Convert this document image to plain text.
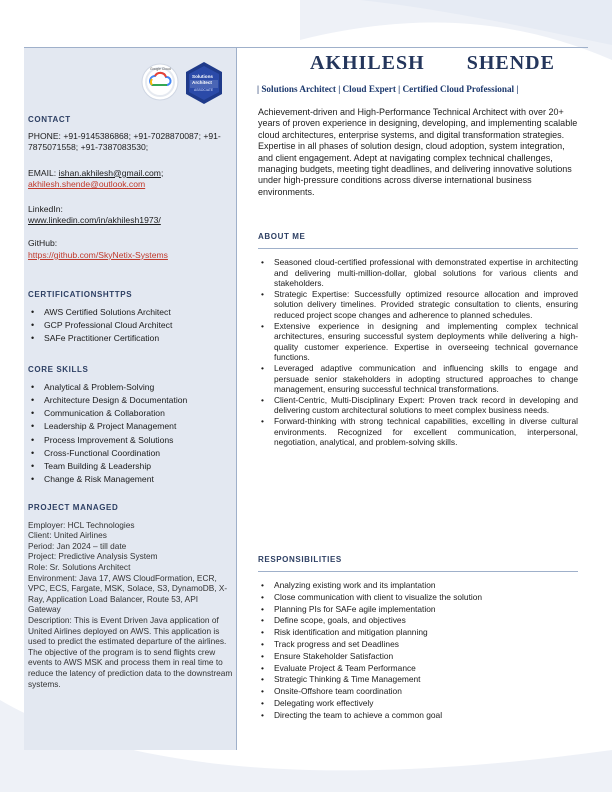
Solutions
Architect
ASSOCIATE
Google Cloud
CONTACT
PHONE: +91-9145386868; +91-7028870087; +91-7875071558; +91-7387083530;
EMAIL: ishan.akhilesh@gmail.com;
akhilesh.shende@outlook.com
LinkedIn:
www.linkedin.com/in/akhilesh1973/
GitHub:
https://github.com/SkyNetix-Systems
CERTIFICATIONSHTTPS
• AWS Certified Solutions Architect
• GCP Professional Cloud Architect
• SAFe Practitioner Certification
CORE SKILLS
• Analytical & Problem-Solving
• Architecture Design & Documentation
• Communication & Collaboration
• Leadership & Project Management
• Process Improvement & Solutions
• Cross-Functional Coordination
• Team Building & Leadership
• Change & Risk Management
PROJECT MANAGED
Employer: HCL Technologies
Client: United Airlines
Period: Jan 2024 – till date
Project: Predictive Analysis System
Role: Sr. Solutions Architect
Environment: Java 17, AWS CloudFormation, ECR, VPC, ECS, Fargate, MSK, Solace, S3, DynamoDB, X-Ray, Application Load Balancer, Route 53, API Gateway
Description: This is Event Driven Java application of United Airlines deployed on AWS. This application is used to predict the estimated departure of the airlines. The objective of the program is to send flights crew events to AWS MSK and process them in real time to reduce the latency of prediction data to the downstream systems.
AKHILESH   SHENDE
| Solutions Architect | Cloud Expert | Certified Cloud Professional |
Achievement-driven and High-Performance Technical Architect with over 20+ years of proven experience in designing, developing, and implementing scalable cloud architectures, enterprise systems, and digital transformation strategies. Expertise in all phases of solution design, cloud adoption, system integration, and client engagement. Adept at navigating complex technical challenges, managing budgets, meeting tight deadlines, and delivering innovative solutions under high-pressure conditions across diverse international business environments.
ABOUT ME
• Seasoned cloud-certified professional with demonstrated expertise in architecting and delivering multi-million-dollar, global solutions for various clients and stakeholders.
• Strategic Expertise: Successfully optimized resource allocation and improved solution delivery timelines. Provided strategic consultation to clients, ensuring reduced project scope changes and adherence to planned schedules.
• Extensive experience in designing and implementing complex technical architectures, ensuring successful system deployments while delivering a high-quality customer experience. Expertise in overseeing technical governance functions.
• Leveraged adaptive communication and influencing skills to engage and persuade senior stakeholders in adopting structured approaches to change management, ensuring successful technical transformations.
• Client-Centric, Multi-Disciplinary Expert: Proven track record in developing and delivering custom architectural solutions to meet complex business needs.
• Forward-thinking with strong technical capabilities, excelling in diverse cultural environments. Recognized for excellent communication, interpersonal, negotiation, analytical, and problem-solving skills.
RESPONSIBILITIES
• Analyzing existing work and its implantation
• Close communication with client to visualize the solution
• Planning PIs for SAFe agile implementation
• Define scope, goals, and objectives
• Risk identification and mitigation planning
• Track progress and set Deadlines
• Ensure Stakeholder Satisfaction
• Evaluate Project & Team Performance
• Strategic Thinking & Time Management
• Onsite-Offshore team coordination
• Delegating work effectively
• Directing the team to achieve a common goal
